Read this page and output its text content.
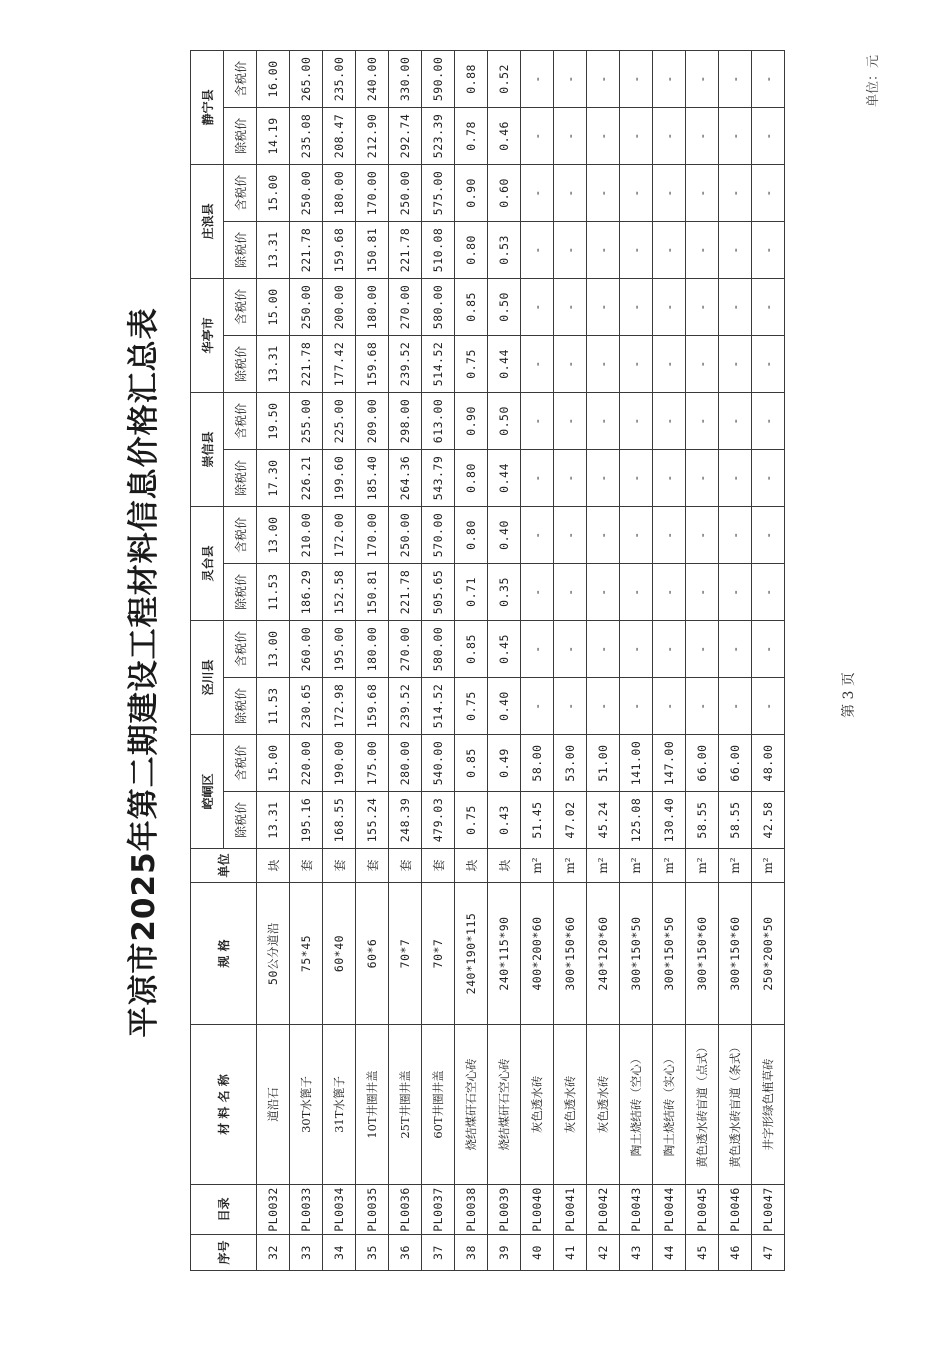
平凉市2025年第二期建设工程材料信息价格汇总表
单位：元
序号	目录	材 料 名 称	规 格	单位	崆峒区		泾川县		灵台县		崇信县		华亭市		庄浪县		静宁县	
					除税价	含税价	除税价	含税价	除税价	含税价	除税价	含税价	除税价	含税价	除税价	含税价	除税价	含税价
32	PL0032	道沿石	50公分道沿	块	13.31	15.00	11.53	13.00	11.53	13.00	17.30	19.50	13.31	15.00	13.31	15.00	14.19	16.00
33	PL0033	30T水篦子	75*45	套	195.16	220.00	230.65	260.00	186.29	210.00	226.21	255.00	221.78	250.00	221.78	250.00	235.08	265.00
34	PL0034	31T水篦子	60*40	套	168.55	190.00	172.98	195.00	152.58	172.00	199.60	225.00	177.42	200.00	159.68	180.00	208.47	235.00
35	PL0035	10T井圈井盖	60*6	套	155.24	175.00	159.68	180.00	150.81	170.00	185.40	209.00	159.68	180.00	150.81	170.00	212.90	240.00
36	PL0036	25T井圈井盖	70*7	套	248.39	280.00	239.52	270.00	221.78	250.00	264.36	298.00	239.52	270.00	221.78	250.00	292.74	330.00
37	PL0037	60T井圈井盖	70*7	套	479.03	540.00	514.52	580.00	505.65	570.00	543.79	613.00	514.52	580.00	510.08	575.00	523.39	590.00
38	PL0038	烧结煤矸石空心砖	240*190*115	块	0.75	0.85	0.75	0.85	0.71	0.80	0.80	0.90	0.75	0.85	0.80	0.90	0.78	0.88
39	PL0039	烧结煤矸石空心砖	240*115*90	块	0.43	0.49	0.40	0.45	0.35	0.40	0.44	0.50	0.44	0.50	0.53	0.60	0.46	0.52
40	PL0040	灰色透水砖	400*200*60	m²	51.45	58.00	-	-	-	-	-	-	-	-	-	-	-	-
41	PL0041	灰色透水砖	300*150*60	m²	47.02	53.00	-	-	-	-	-	-	-	-	-	-	-	-
42	PL0042	灰色透水砖	240*120*60	m²	45.24	51.00	-	-	-	-	-	-	-	-	-	-	-	-
43	PL0043	陶土烧结砖（空心）	300*150*50	m²	125.08	141.00	-	-	-	-	-	-	-	-	-	-	-	-
44	PL0044	陶土烧结砖（实心）	300*150*50	m²	130.40	147.00	-	-	-	-	-	-	-	-	-	-	-	-
45	PL0045	黄色透水砖盲道（点式）	300*150*60	m²	58.55	66.00	-	-	-	-	-	-	-	-	-	-	-	-
46	PL0046	黄色透水砖盲道（条式）	300*150*60	m²	58.55	66.00	-	-	-	-	-	-	-	-	-	-	-	-
47	PL0047	井字形绿色植草砖	250*200*50	m²	42.58	48.00	-	-	-	-	-	-	-	-	-	-	-	-
第 3 页
